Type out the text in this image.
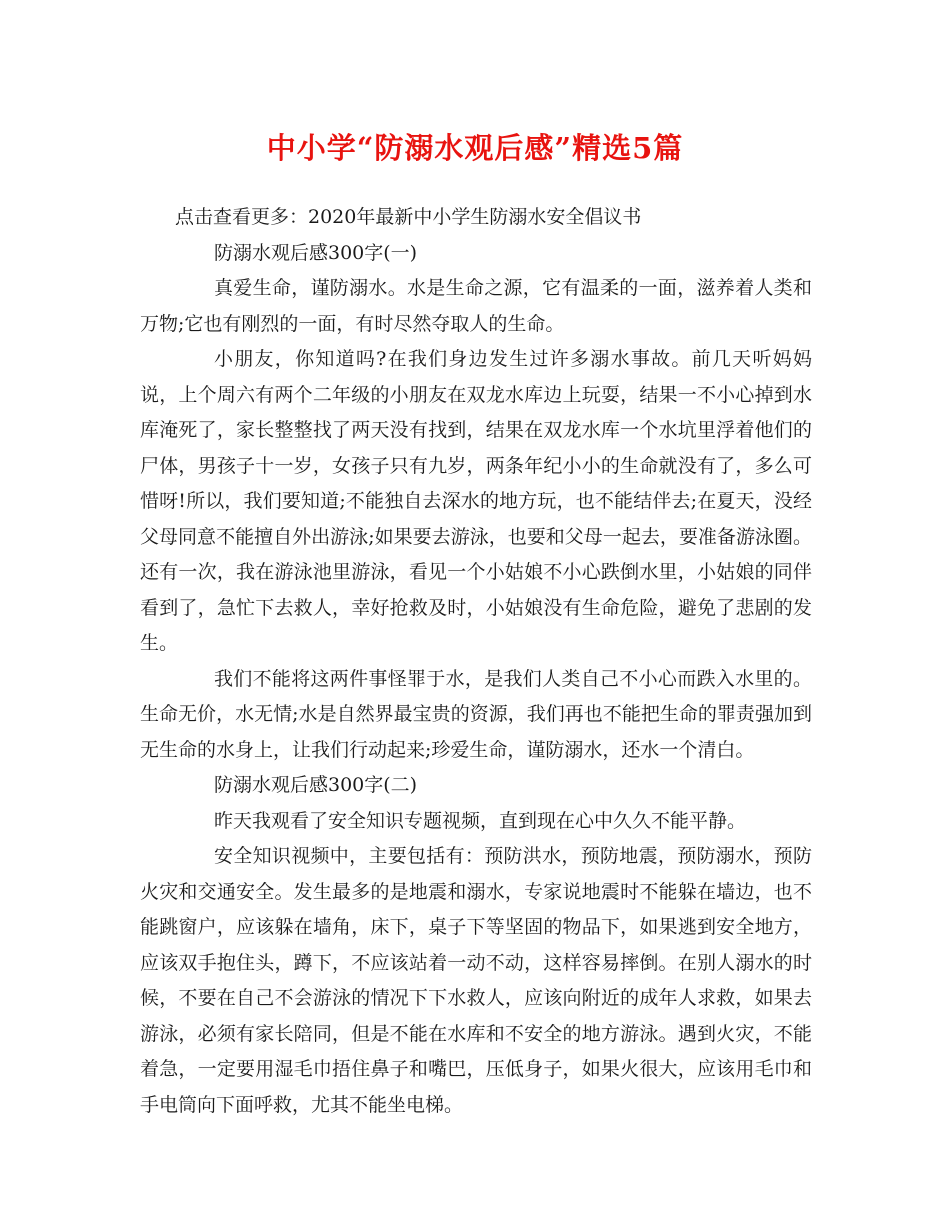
中小学“防溺水观后感”精选5篇

点击查看更多：2020年最新中小学生防溺水安全倡议书

防溺水观后感300字(一)

真爱生命，谨防溺水。水是生命之源，它有温柔的一面，滋养着人类和万物;它也有刚烈的一面，有时尽然夺取人的生命。

小朋友，你知道吗?在我们身边发生过许多溺水事故。前几天听妈妈说，上个周六有两个二年级的小朋友在双龙水库边上玩耍，结果一不小心掉到水库淹死了，家长整整找了两天没有找到，结果在双龙水库一个水坑里浮着他们的尸体，男孩子十一岁，女孩子只有九岁，两条年纪小小的生命就没有了，多么可惜呀!所以，我们要知道;不能独自去深水的地方玩，也不能结伴去;在夏天，没经父母同意不能擅自外出游泳;如果要去游泳，也要和父母一起去，要准备游泳圈。还有一次，我在游泳池里游泳，看见一个小姑娘不小心跌倒水里，小姑娘的同伴看到了，急忙下去救人，幸好抢救及时，小姑娘没有生命危险，避免了悲剧的发生。

我们不能将这两件事怪罪于水，是我们人类自己不小心而跌入水里的。生命无价，水无情;水是自然界最宝贵的资源，我们再也不能把生命的罪责强加到无生命的水身上，让我们行动起来;珍爱生命，谨防溺水，还水一个清白。

防溺水观后感300字(二)

昨天我观看了安全知识专题视频，直到现在心中久久不能平静。

安全知识视频中，主要包括有：预防洪水，预防地震，预防溺水，预防火灾和交通安全。发生最多的是地震和溺水，专家说地震时不能躲在墙边，也不能跳窗户，应该躲在墙角，床下，桌子下等坚固的物品下，如果逃到安全地方，应该双手抱住头，蹲下，不应该站着一动不动，这样容易摔倒。在别人溺水的时候，不要在自己不会游泳的情况下下水救人，应该向附近的成年人求救，如果去游泳，必须有家长陪同，但是不能在水库和不安全的地方游泳。遇到火灾，不能着急，一定要用湿毛巾捂住鼻子和嘴巴，压低身子，如果火很大，应该用毛巾和手电筒向下面呼救，尤其不能坐电梯。
